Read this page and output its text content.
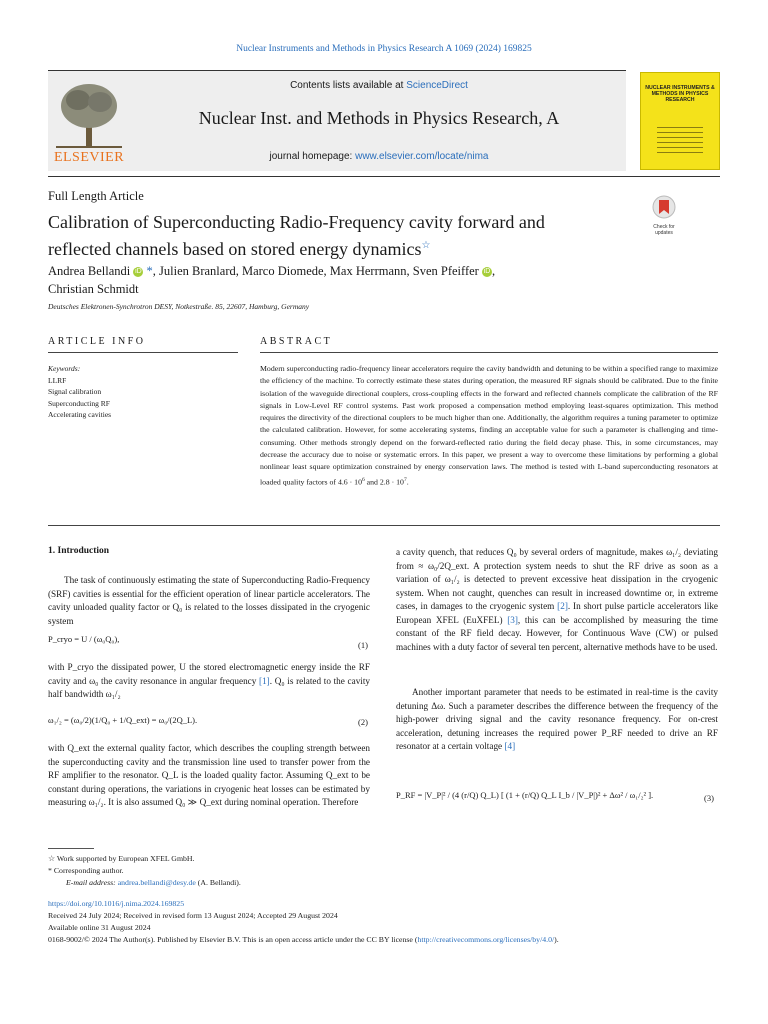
Nuclear Instruments and Methods in Physics Research A 1069 (2024) 169825
ELSEVIER
Contents lists available at ScienceDirect
Nuclear Inst. and Methods in Physics Research, A
journal homepage: www.elsevier.com/locate/nima
NUCLEAR INSTRUMENTS & METHODS IN PHYSICS RESEARCH
Full Length Article
Calibration of Superconducting Radio-Frequency cavity forward and
reflected channels based on stored energy dynamics☆
Check for updates
Andrea Bellandi iD *, Julien Branlard, Marco Diomede, Max Herrmann, Sven Pfeiffer iD ,
Christian Schmidt
Deutsches Elektronen-Synchrotron DESY, Notkestraße. 85, 22607, Hamburg, Germany
ARTICLE INFO
Keywords:
LLRF
Signal calibration
Superconducting RF
Accelerating cavities
ABSTRACT
Modern superconducting radio-frequency linear accelerators require the cavity bandwidth and detuning to be within a specified range to maximize the efficiency of the machine. To correctly estimate these states during operation, the measured RF signals should be calibrated. Due to the finite isolation of the waveguide directional couplers, cross-coupling effects in the forward and reflected channels complicate the calibration of the RF signals in Low-Level RF control systems. Past work proposed a compensation method employing least-squares optimization. This method requires the directivity of the directional couplers to be much higher than one. Additionally, the algorithm requires a tuning parameter to optimize the calculated calibration. However, for some accelerating systems, finding an acceptable value for such a parameter is challenging and time-consuming. Other methods strongly depend on the forward-reflected ratio during the field decay phase. This, in some circumstances, may decrease the accuracy due to noise or systematic errors. In this paper, we present a way to overcome these limitations by performing a global nonlinear least square optimization constrained by energy conservation laws. The method is tested with L-band superconducting resonators at loaded quality factors of $4.6 \cdot 10^6$ and $2.8 \cdot 10^7$.
1. Introduction
The task of continuously estimating the state of Superconducting Radio-Frequency (SRF) cavities is essential for the efficient operation of linear particle accelerators. The cavity unloaded quality factor or Q₀ is related to the losses dissipated in the cryogenic system
P_cryo = U / (ω₀Q₀),
(1)
with P_cryo the dissipated power, U the stored electromagnetic energy inside the RF cavity and ω₀ the cavity resonance in angular frequency [1]. Q₀ is related to the cavity half bandwidth ω₁/₂
ω₁/₂ = (ω₀/2)(1/Q₀ + 1/Q_ext) = ω₀/(2Q_L).	(2)
with Q_ext the external quality factor, which describes the coupling strength between the superconducting cavity and the transmission line used to transfer power from the RF amplifier to the resonator. Q_L is the loaded quality factor. Assuming Q_ext to be constant during operations, the variations in cryogenic heat losses can be estimated by measuring ω₁/₂. It is also assumed Q₀ ≫ Q_ext during nominal operation. Therefore
a cavity quench, that reduces Q₀ by several orders of magnitude, makes ω₁/₂ deviating from ≈ ω₀/2Q_ext. A protection system needs to shut the RF drive as soon as a variation of ω₁/₂ is detected to prevent excessive heat dissipation in the cryogenic system. When not caught, quenches can result in increased downtime or, in extreme cases, in damages to the cryogenic system [2]. In short pulse particle accelerators like European XFEL (EuXFEL) [3], this can be accomplished by measuring the time constant of the RF field decay. However, for Continuous Wave (CW) or pulsed machines with a duty factor of several ten percent, alternative methods have to be used.
Another important parameter that needs to be estimated in real-time is the cavity detuning Δω. Such a parameter describes the difference between the frequency of the high-power driving signal and the cavity resonance frequency. For on-crest acceleration, detuning increases the required power P_RF needed to drive an RF resonator at a certain voltage [4]
P_RF = |V_P|² / (4 (r/Q) Q_L) [ (1 + (r/Q) Q_L I_b / |V_P|)² + Δω² / ω₁/₂² ].	(3)
☆ Work supported by European XFEL GmbH.
* Corresponding author.
E-mail address: andrea.bellandi@desy.de (A. Bellandi).
https://doi.org/10.1016/j.nima.2024.169825
Received 24 July 2024; Received in revised form 13 August 2024; Accepted 29 August 2024
Available online 31 August 2024
0168-9002/© 2024 The Author(s). Published by Elsevier B.V. This is an open access article under the CC BY license (http://creativecommons.org/licenses/by/4.0/).
